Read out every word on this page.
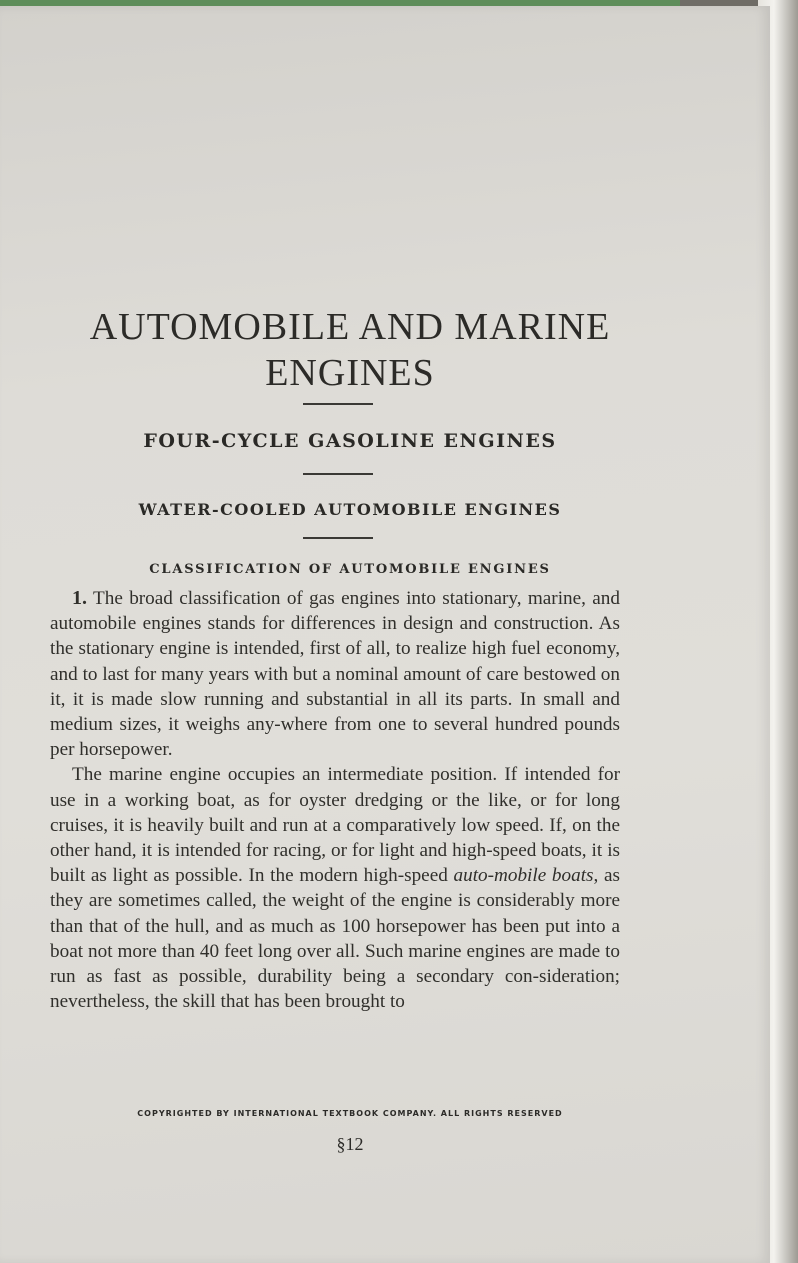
AUTOMOBILE AND MARINE
ENGINES
FOUR-CYCLE GASOLINE ENGINES
WATER-COOLED AUTOMOBILE ENGINES
CLASSIFICATION OF AUTOMOBILE ENGINES

1. The broad classification of gas engines into stationary, marine, and automobile engines stands for differences in design and construction. As the stationary engine is intended, first of all, to realize high fuel economy, and to last for many years with but a nominal amount of care bestowed on it, it is made slow running and substantial in all its parts. In small and medium sizes, it weighs any-where from one to several hundred pounds per horsepower.

The marine engine occupies an intermediate position. If intended for use in a working boat, as for oyster dredging or the like, or for long cruises, it is heavily built and run at a comparatively low speed. If, on the other hand, it is intended for racing, or for light and high-speed boats, it is built as light as possible. In the modern high-speed auto-mobile boats, as they are sometimes called, the weight of the engine is considerably more than that of the hull, and as much as 100 horsepower has been put into a boat not more than 40 feet long over all. Such marine engines are made to run as fast as possible, durability being a secondary con-sideration; nevertheless, the skill that has been brought to

COPYRIGHTED BY INTERNATIONAL TEXTBOOK COMPANY. ALL RIGHTS RESERVED
§12
